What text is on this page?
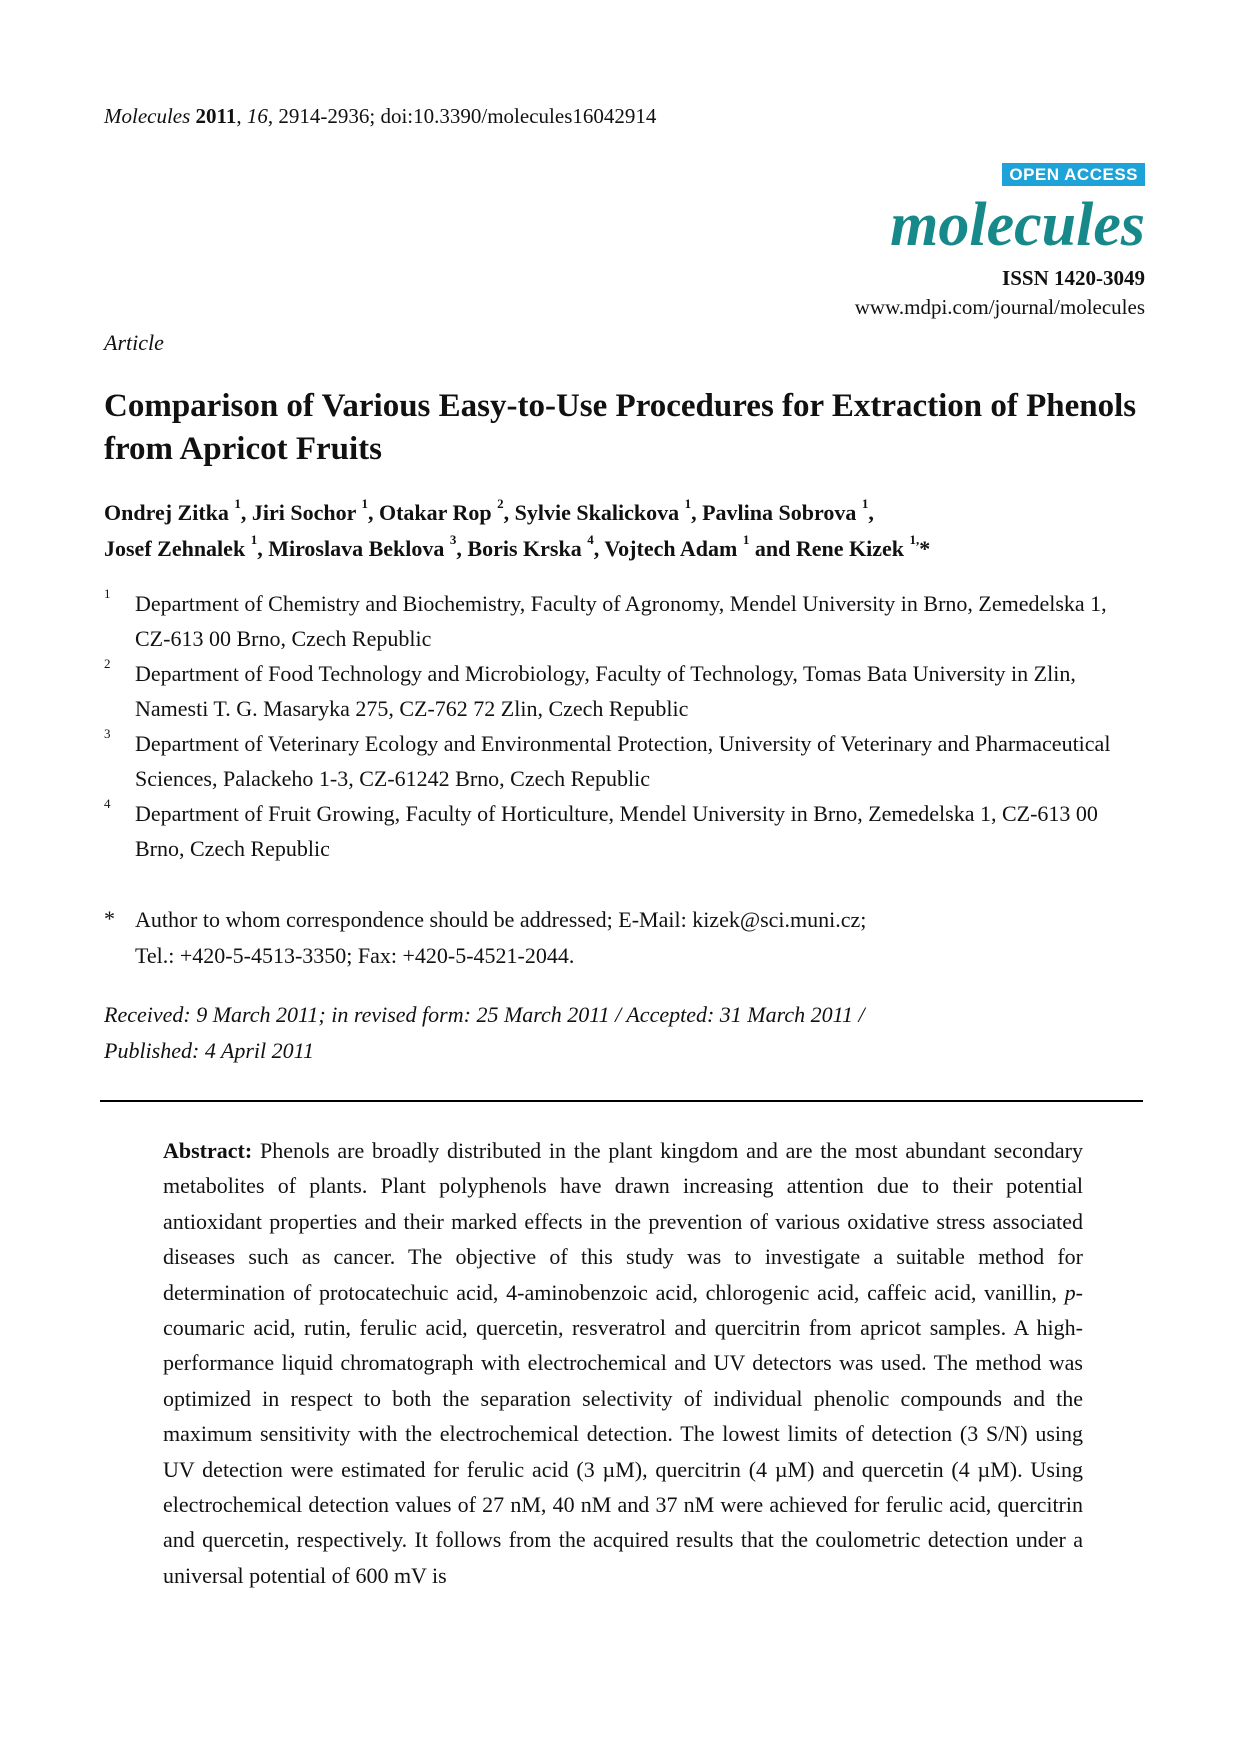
Molecules 2011, 16, 2914-2936; doi:10.3390/molecules16042914
OPEN ACCESS
molecules
ISSN 1420-3049
www.mdpi.com/journal/molecules
Article
Comparison of Various Easy-to-Use Procedures for Extraction of Phenols from Apricot Fruits
Ondrej Zitka $^1$, Jiri Sochor $^1$, Otakar Rop $^2$, Sylvie Skalickova $^1$, Pavlina Sobrova $^1$,
Josef Zehnalek $^1$, Miroslava Beklova $^3$, Boris Krska $^4$, Vojtech Adam $^1$ and Rene Kizek $^{1,}$*
1 Department of Chemistry and Biochemistry, Faculty of Agronomy, Mendel University in Brno, Zemedelska 1, CZ-613 00 Brno, Czech Republic
2 Department of Food Technology and Microbiology, Faculty of Technology, Tomas Bata University in Zlin, Namesti T. G. Masaryka 275, CZ-762 72 Zlin, Czech Republic
3 Department of Veterinary Ecology and Environmental Protection, University of Veterinary and Pharmaceutical Sciences, Palackeho 1-3, CZ-61242 Brno, Czech Republic
4 Department of Fruit Growing, Faculty of Horticulture, Mendel University in Brno, Zemedelska 1, CZ-613 00 Brno, Czech Republic
* Author to whom correspondence should be addressed; E-Mail: kizek@sci.muni.cz;
Tel.: +420-5-4513-3350; Fax: +420-5-4521-2044.
Received: 9 March 2011; in revised form: 25 March 2011 / Accepted: 31 March 2011 /
Published: 4 April 2011
Abstract: Phenols are broadly distributed in the plant kingdom and are the most abundant secondary metabolites of plants. Plant polyphenols have drawn increasing attention due to their potential antioxidant properties and their marked effects in the prevention of various oxidative stress associated diseases such as cancer. The objective of this study was to investigate a suitable method for determination of protocatechuic acid, 4-aminobenzoic acid, chlorogenic acid, caffeic acid, vanillin, p-coumaric acid, rutin, ferulic acid, quercetin, resveratrol and quercitrin from apricot samples. A high-performance liquid chromatograph with electrochemical and UV detectors was used. The method was optimized in respect to both the separation selectivity of individual phenolic compounds and the maximum sensitivity with the electrochemical detection. The lowest limits of detection (3 S/N) using UV detection were estimated for ferulic acid (3 µM), quercitrin (4 µM) and quercetin (4 µM). Using electrochemical detection values of 27 nM, 40 nM and 37 nM were achieved for ferulic acid, quercitrin and quercetin, respectively. It follows from the acquired results that the coulometric detection under a universal potential of 600 mV is
